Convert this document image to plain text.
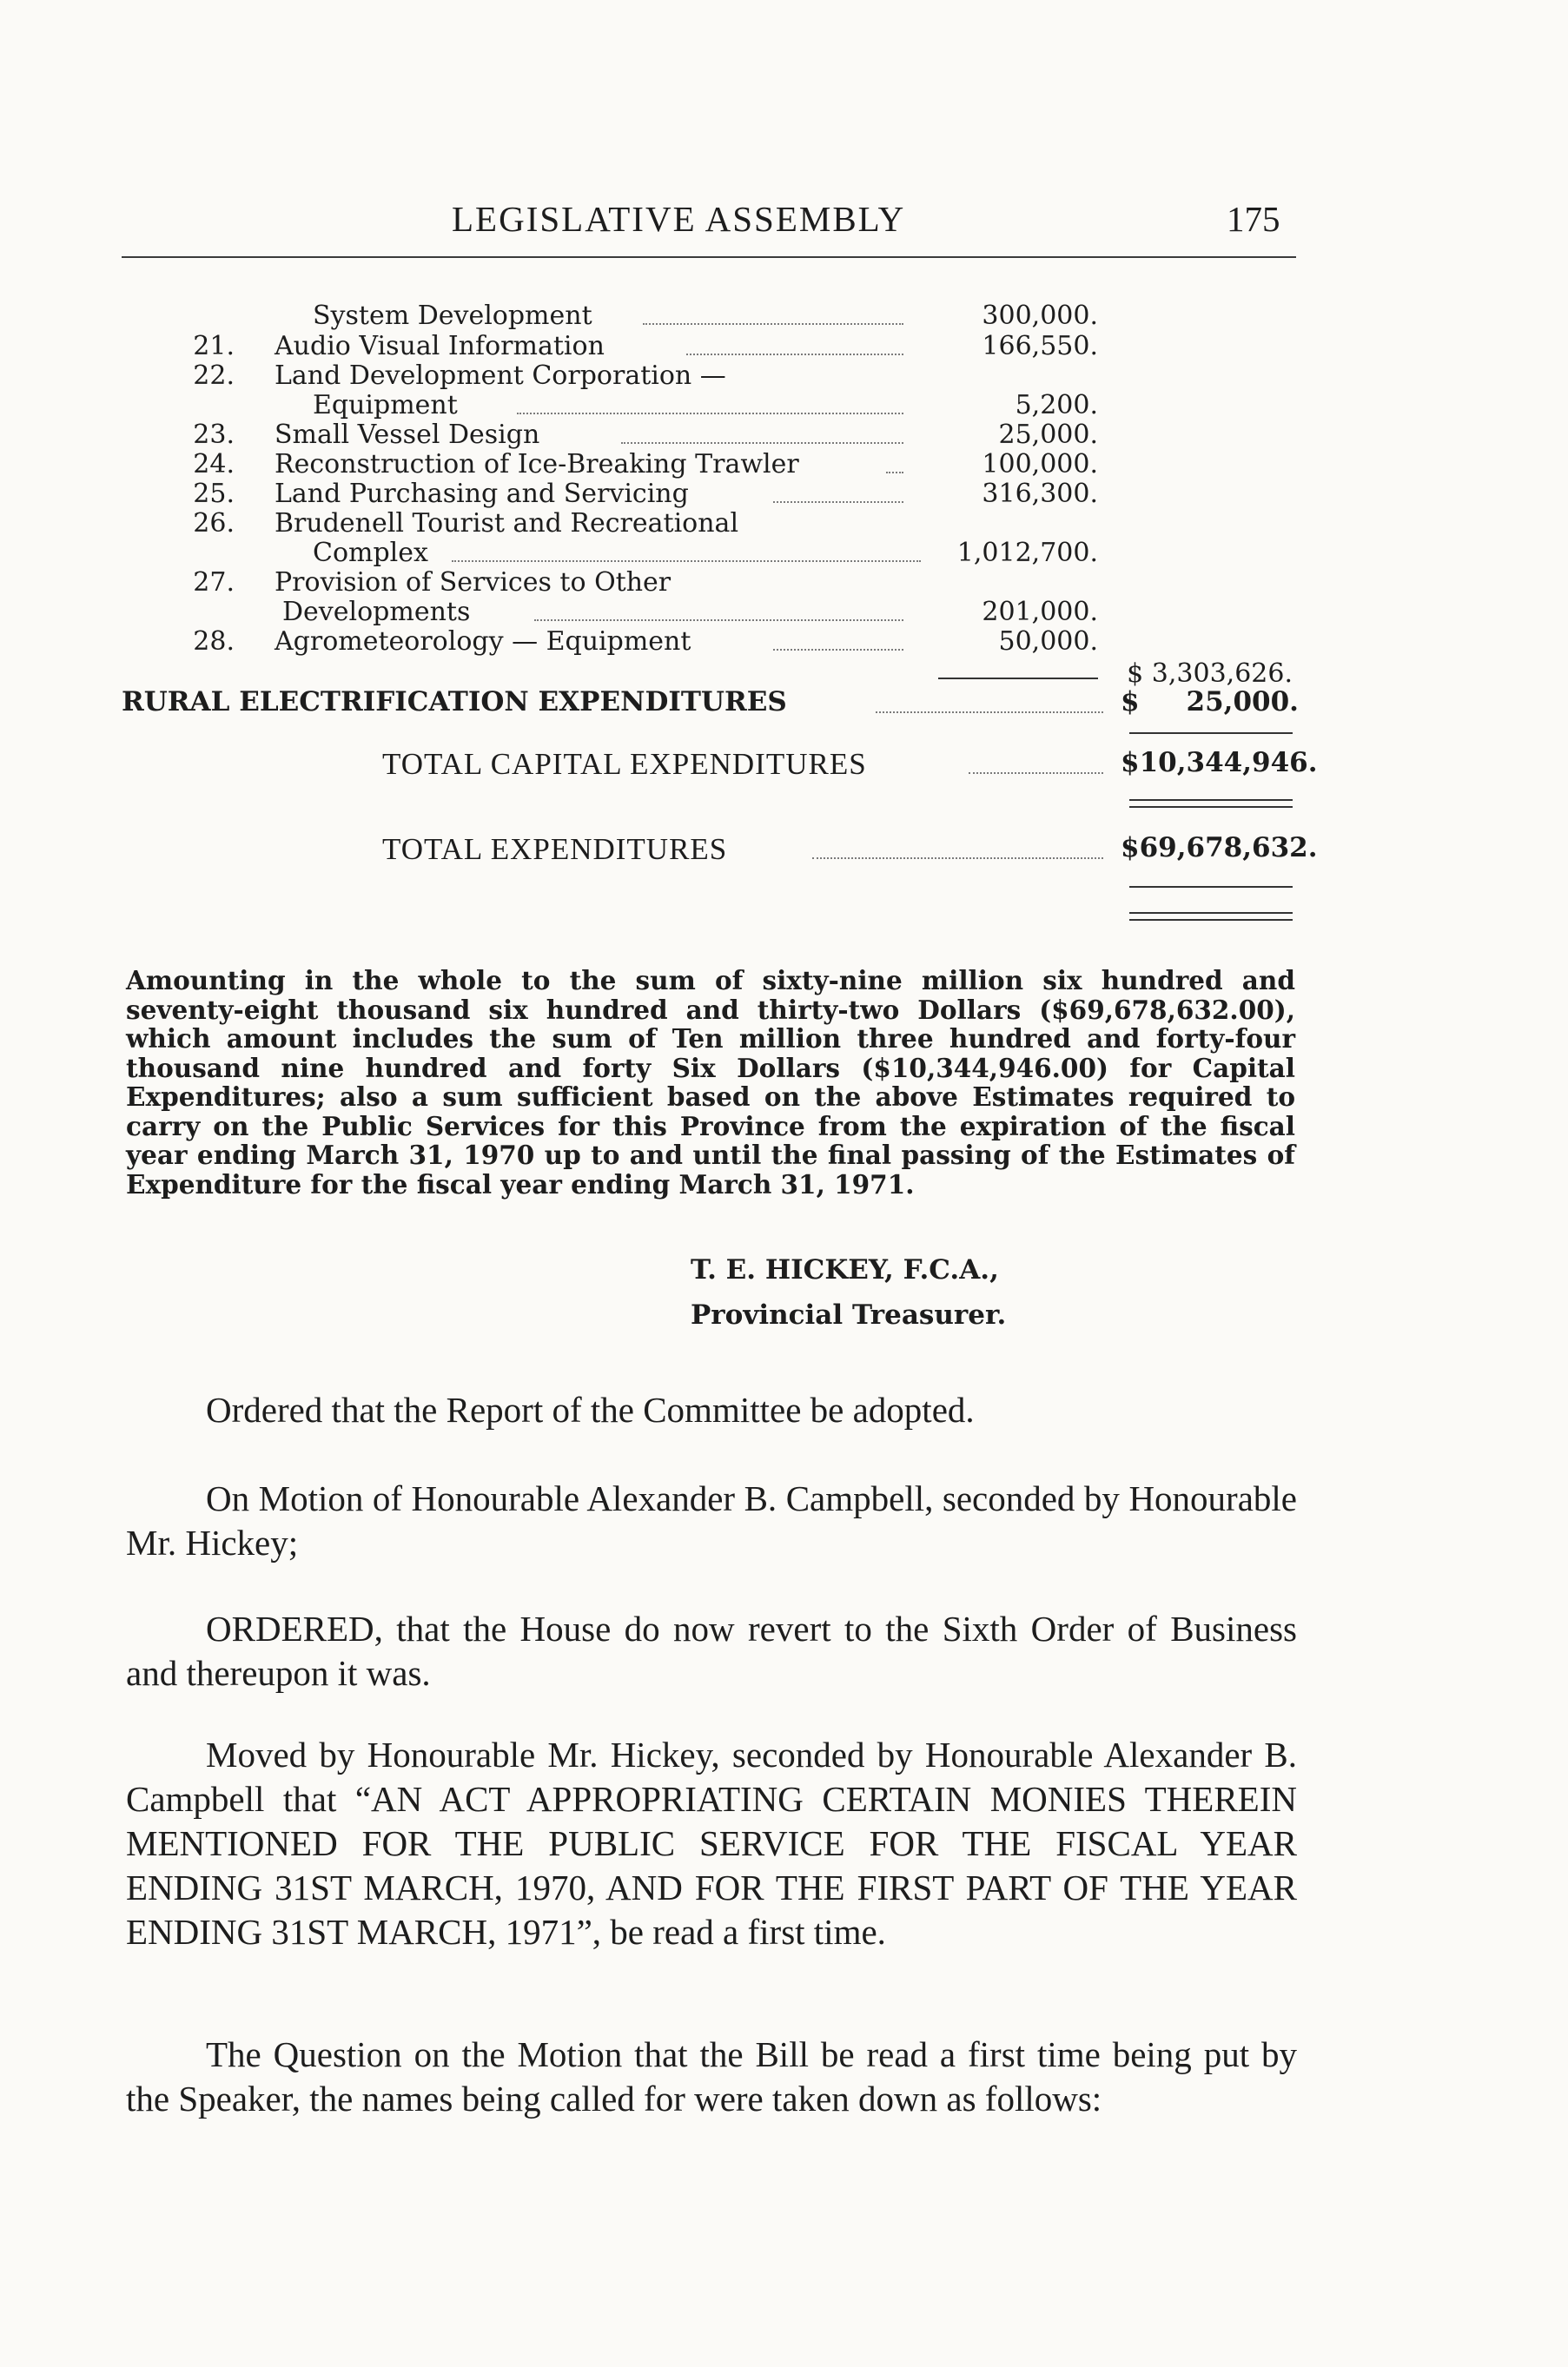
LEGISLATIVE ASSEMBLY	175
System Development	300,000.
21. Audio Visual Information	166,550.
22. Land Development Corporation —
Equipment	5,200.
23. Small Vessel Design	25,000.
24. Reconstruction of Ice-Breaking Trawler	100,000.
25. Land Purchasing and Servicing	316,300.
26. Brudenell Tourist and Recreational
Complex	1,012,700.
27. Provision of Services to Other
Developments	201,000.
28. Agrometeorology — Equipment	50,000.
$ 3,303,626.
RURAL ELECTRIFICATION EXPENDITURES	$     25,000.
TOTAL CAPITAL EXPENDITURES	$10,344,946.
TOTAL EXPENDITURES	$69,678,632.
Amounting in the whole to the sum of sixty-nine million six hundred and seventy-eight thousand six hundred and thirty-two Dollars ($69,678,632.00), which amount includes the sum of Ten million three hundred and forty-four thousand nine hundred and forty Six Dollars ($10,344,946.00) for Capital Expenditures; also a sum sufficient based on the above Estimates required to carry on the Public Services for this Province from the expiration of the fiscal year ending March 31, 1970 up to and until the final passing of the Estimates of Expenditure for the fiscal year ending March 31, 1971.
T. E. HICKEY, F.C.A.,
Provincial Treasurer.
Ordered that the Report of the Committee be adopted.
On Motion of Honourable Alexander B. Campbell, seconded by Honourable Mr. Hickey;
ORDERED, that the House do now revert to the Sixth Order of Business and thereupon it was.
Moved by Honourable Mr. Hickey, seconded by Honourable Alexander B. Campbell that “AN ACT APPROPRIATING CERTAIN MONIES THEREIN MENTIONED FOR THE PUBLIC SERVICE FOR THE FISCAL YEAR ENDING 31ST MARCH, 1970, AND FOR THE FIRST PART OF THE YEAR ENDING 31ST MARCH, 1971”, be read a first time.
The Question on the Motion that the Bill be read a first time being put by the Speaker, the names being called for were taken down as follows:
